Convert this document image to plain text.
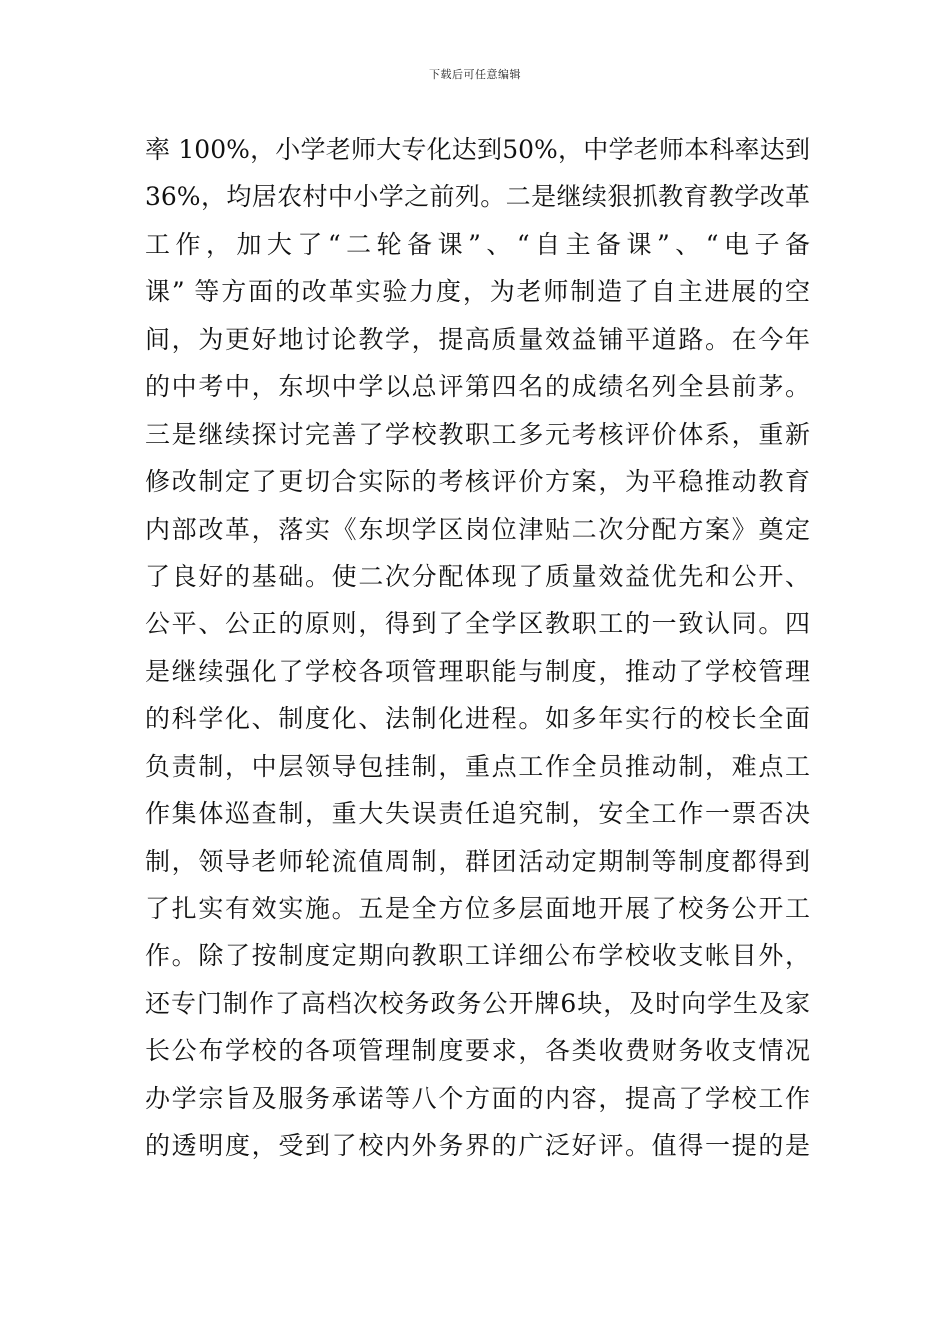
下载后可任意编辑
率 100%，小学老师大专化达到50%，中学老师本科率达到
36%，均居农村中小学之前列。二是继续狠抓教育教学改革
工作，加大了“二轮备课”、“自主备课”、“电子备
课” 等方面的改革实验力度，为老师制造了自主进展的空
间，为更好地讨论教学，提高质量效益铺平道路。在今年
的中考中，东坝中学以总评第四名的成绩名列全县前茅。
三是继续探讨完善了学校教职工多元考核评价体系，重新
修改制定了更切合实际的考核评价方案，为平稳推动教育
内部改革，落实《东坝学区岗位津贴二次分配方案》奠定
了良好的基础。使二次分配体现了质量效益优先和公开、
公平、公正的原则，得到了全学区教职工的一致认同。四
是继续强化了学校各项管理职能与制度，推动了学校管理
的科学化、制度化、法制化进程。如多年实行的校长全面
负责制，中层领导包挂制，重点工作全员推动制，难点工
作集体巡查制，重大失误责任追究制，安全工作一票否决
制，领导老师轮流值周制，群团活动定期制等制度都得到
了扎实有效实施。五是全方位多层面地开展了校务公开工
作。除了按制度定期向教职工详细公布学校收支帐目外，
还专门制作了高档次校务政务公开牌6块，及时向学生及家
长公布学校的各项管理制度要求，各类收费财务收支情况
办学宗旨及服务承诺等八个方面的内容，提高了学校工作
的透明度，受到了校内外务界的广泛好评。值得一提的是
